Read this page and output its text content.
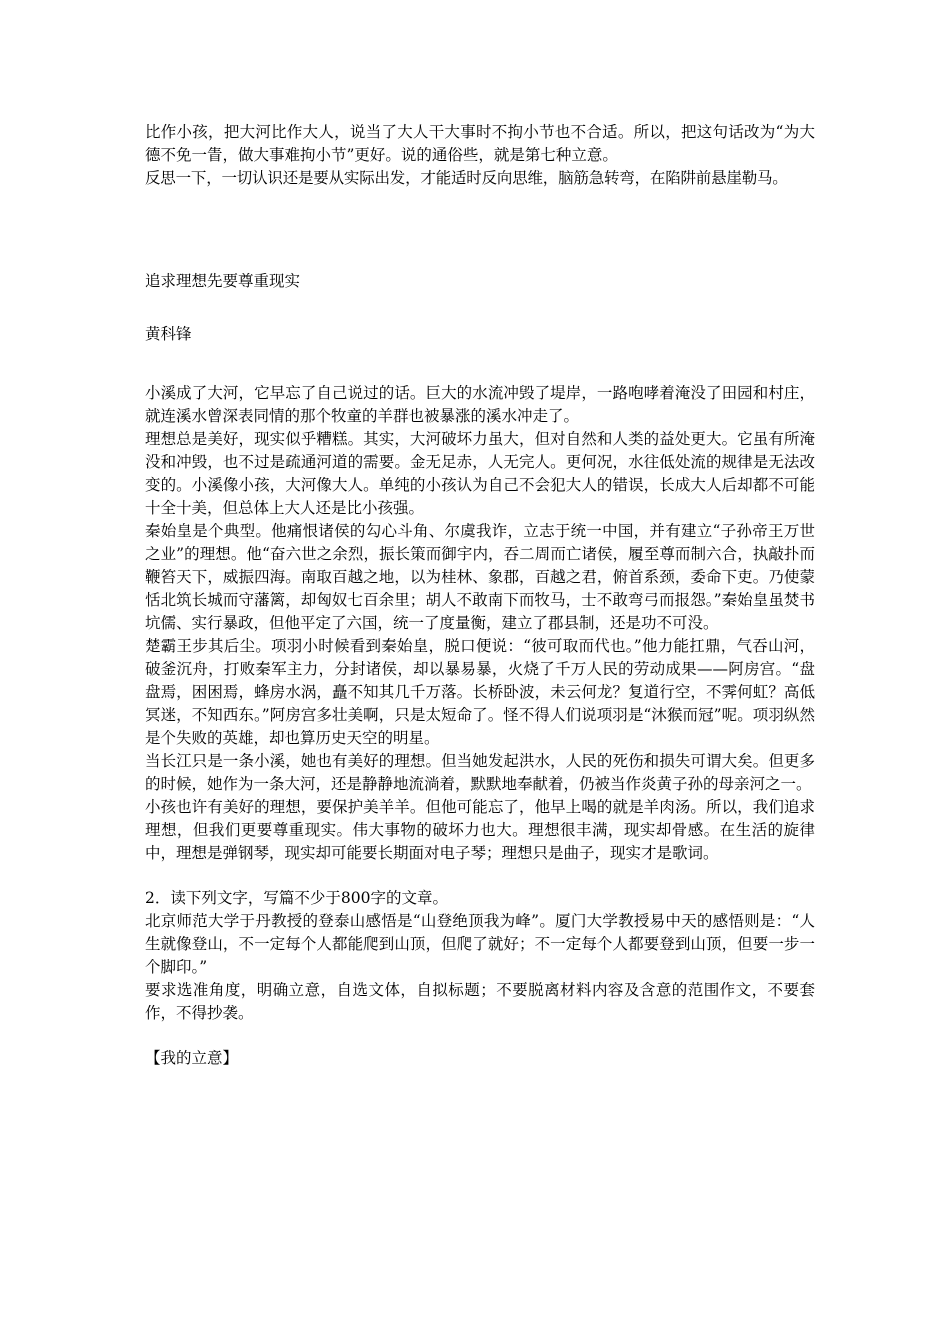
比作小孩，把大河比作大人，说当了大人干大事时不拘小节也不合适。所以，把这句话改为“为大德不免一眚，做大事难拘小节”更好。说的通俗些，就是第七种立意。

反思一下，一切认识还是要从实际出发，才能适时反向思维，脑筋急转弯，在陷阱前悬崖勒马。

追求理想先要尊重现实

黄科锋

小溪成了大河，它早忘了自己说过的话。巨大的水流冲毁了堤岸，一路咆哮着淹没了田园和村庄，就连溪水曾深表同情的那个牧童的羊群也被暴涨的溪水冲走了。

理想总是美好，现实似乎糟糕。其实，大河破坏力虽大，但对自然和人类的益处更大。它虽有所淹没和冲毁，也不过是疏通河道的需要。金无足赤，人无完人。更何况，水往低处流的规律是无法改变的。小溪像小孩，大河像大人。单纯的小孩认为自己不会犯大人的错误，长成大人后却都不可能十全十美，但总体上大人还是比小孩强。

秦始皇是个典型。他痛恨诸侯的勾心斗角、尔虞我诈，立志于统一中国，并有建立“子孙帝王万世之业”的理想。他“奋六世之余烈，振长策而御宇内，吞二周而亡诸侯，履至尊而制六合，执敲扑而鞭笞天下，威振四海。南取百越之地，以为桂林、象郡，百越之君，俯首系颈，委命下吏。乃使蒙恬北筑长城而守藩篱，却匈奴七百余里；胡人不敢南下而牧马，士不敢弯弓而报怨。”秦始皇虽焚书坑儒、实行暴政，但他平定了六国，统一了度量衡，建立了郡县制，还是功不可没。

楚霸王步其后尘。项羽小时候看到秦始皇，脱口便说：“彼可取而代也。”他力能扛鼎，气吞山河，破釜沉舟，打败秦军主力，分封诸侯，却以暴易暴，火烧了千万人民的劳动成果——阿房宫。“盘盘焉，困困焉，蜂房水涡，矗不知其几千万落。长桥卧波，未云何龙？复道行空，不霁何虹？高低冥迷，不知西东。”阿房宫多壮美啊，只是太短命了。怪不得人们说项羽是“沐猴而冠”呢。项羽纵然是个失败的英雄，却也算历史天空的明星。

当长江只是一条小溪，她也有美好的理想。但当她发起洪水，人民的死伤和损失可谓大矣。但更多的时候，她作为一条大河，还是静静地流淌着，默默地奉献着，仍被当作炎黄子孙的母亲河之一。

小孩也许有美好的理想，要保护美羊羊。但他可能忘了，他早上喝的就是羊肉汤。所以，我们追求理想，但我们更要尊重现实。伟大事物的破坏力也大。理想很丰满，现实却骨感。在生活的旋律中，理想是弹钢琴，现实却可能要长期面对电子琴；理想只是曲子，现实才是歌词。

2．读下列文字，写篇不少于800字的文章。

北京师范大学于丹教授的登泰山感悟是“山登绝顶我为峰”。厦门大学教授易中天的感悟则是：“人生就像登山，不一定每个人都能爬到山顶，但爬了就好；不一定每个人都要登到山顶，但要一步一个脚印。”

要求选准角度，明确立意，自选文体，自拟标题；不要脱离材料内容及含意的范围作文，不要套作，不得抄袭。

【我的立意】
